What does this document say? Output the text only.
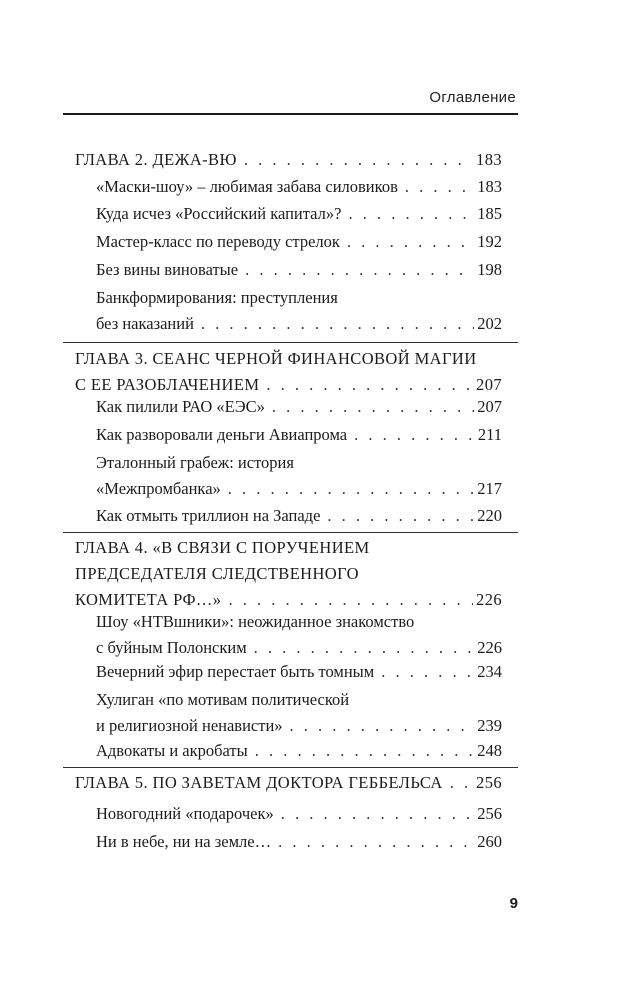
Оглавление
ГЛАВА 2. ДЕЖА-ВЮ . . .	183
«Маски-шоу» – любимая забава силовиков . . .	183
Куда исчез «Российский капитал»? . . .	185
Мастер-класс по переводу стрелок . . .	192
Без вины виноватые . . .	198
Банкформирования: преступления
без наказаний . . .	202
ГЛАВА 3. СЕАНС ЧЕРНОЙ ФИНАНСОВОЙ МАГИИ
С ЕЕ РАЗОБЛАЧЕНИЕМ . . .	207
Как пилили РАО «ЕЭС» . . .	207
Как разворовали деньги Авиапрома . . .	211
Эталонный грабеж: история
«Межпромбанка» . . .	217
Как отмыть триллион на Западе . . .	220
ГЛАВА 4. «В СВЯЗИ С ПОРУЧЕНИЕМ
ПРЕДСЕДАТЕЛЯ СЛЕДСТВЕННОГО
КОМИТЕТА РФ…» . . .	226
Шоу «НТВшники»: неожиданное знакомство
с буйным Полонским . . .	226
Вечерний эфир перестает быть томным . . .	234
Хулиган «по мотивам политической
и религиозной ненависти» . . .	239
Адвокаты и акробаты . . .	248
ГЛАВА 5. ПО ЗАВЕТАМ ДОКТОРА ГЕББЕЛЬСА . . . 256
Новогодний «подарочек» . . .	256
Ни в небе, ни на земле… . . .	260
9
